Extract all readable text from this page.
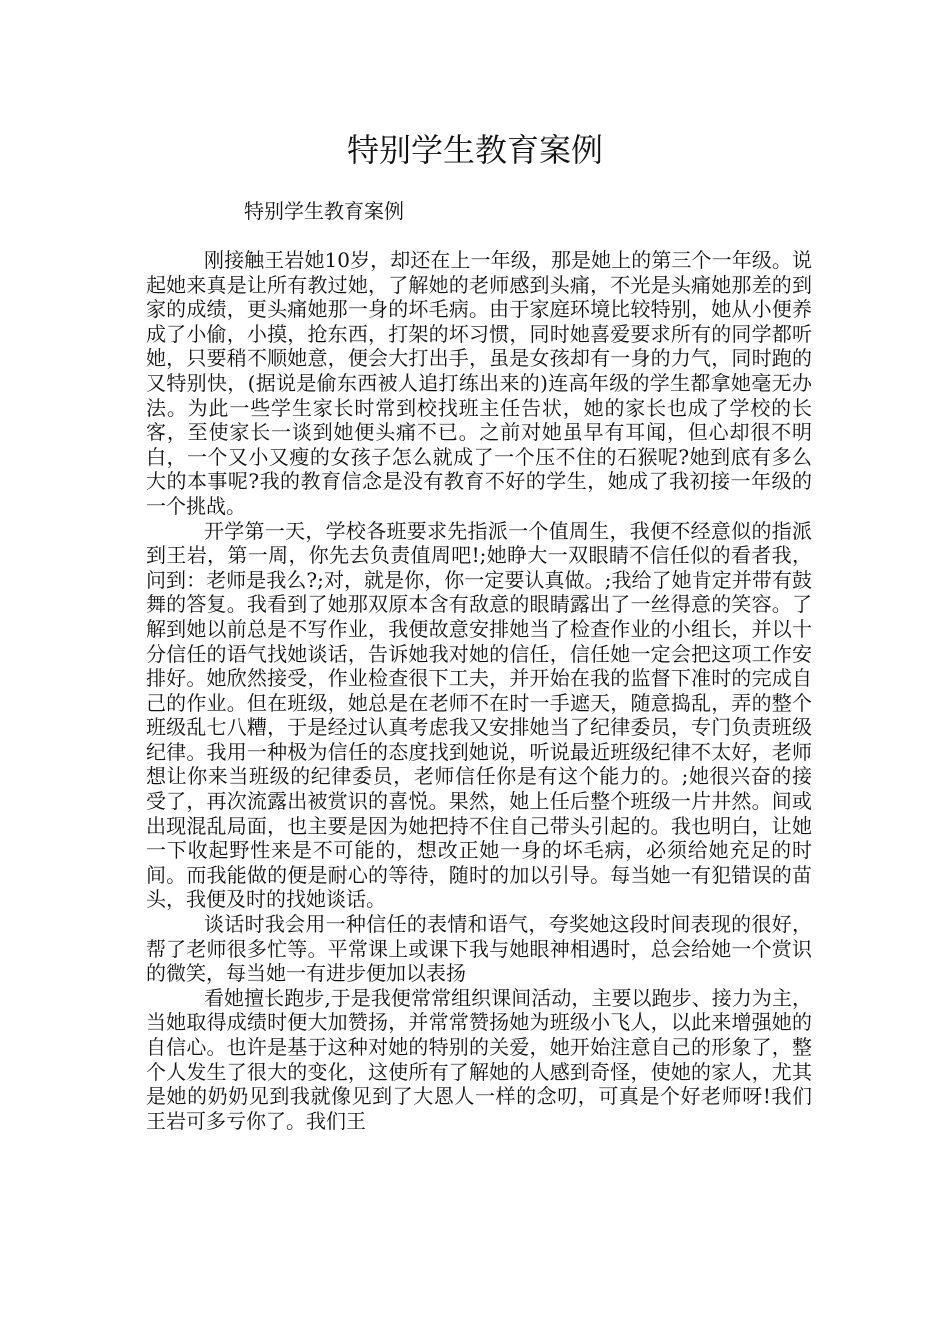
特别学生教育案例
特别学生教育案例

刚接触王岩她10岁，却还在上一年级，那是她上的第三个一年级。说起她来真是让所有教过她，了解她的老师感到头痛，不光是头痛她那差的到家的成绩，更头痛她那一身的坏毛病。由于家庭环境比较特别，她从小便养成了小偷，小摸，抢东西，打架的坏习惯，同时她喜爱要求所有的同学都听她，只要稍不顺她意，便会大打出手，虽是女孩却有一身的力气，同时跑的又特别快，(据说是偷东西被人追打练出来的)连高年级的学生都拿她毫无办法。为此一些学生家长时常到校找班主任告状，她的家长也成了学校的长客，至使家长一谈到她便头痛不已。之前对她虽早有耳闻，但心却很不明白，一个又小又瘦的女孩子怎么就成了一个压不住的石猴呢?她到底有多么大的本事呢?我的教育信念是没有教育不好的学生，她成了我初接一年级的一个挑战。

开学第一天，学校各班要求先指派一个值周生，我便不经意似的指派到王岩，第一周，你先去负责值周吧!;她睁大一双眼睛不信任似的看者我，问到：老师是我么?;对，就是你，你一定要认真做。;我给了她肯定并带有鼓舞的答复。我看到了她那双原本含有敌意的眼睛露出了一丝得意的笑容。了解到她以前总是不写作业，我便故意安排她当了检查作业的小组长，并以十分信任的语气找她谈话，告诉她我对她的信任，信任她一定会把这项工作安排好。她欣然接受，作业检查很下工夫，并开始在我的监督下准时的完成自己的作业。但在班级，她总是在老师不在时一手遮天，随意捣乱，弄的整个班级乱七八糟，于是经过认真考虑我又安排她当了纪律委员，专门负责班级纪律。我用一种极为信任的态度找到她说，听说最近班级纪律不太好，老师想让你来当班级的纪律委员，老师信任你是有这个能力的。;她很兴奋的接受了，再次流露出被赏识的喜悦。果然，她上任后整个班级一片井然。间或出现混乱局面，也主要是因为她把持不住自己带头引起的。我也明白，让她一下收起野性来是不可能的，想改正她一身的坏毛病，必须给她充足的时间。而我能做的便是耐心的等待，随时的加以引导。每当她一有犯错误的苗头，我便及时的找她谈话。

谈话时我会用一种信任的表情和语气，夸奖她这段时间表现的很好，帮了老师很多忙等。平常课上或课下我与她眼神相遇时，总会给她一个赏识的微笑，每当她一有进步便加以表扬

看她擅长跑步,于是我便常常组织课间活动，主要以跑步、接力为主，当她取得成绩时便大加赞扬，并常常赞扬她为班级小飞人，以此来增强她的自信心。也许是基于这种对她的特别的关爱，她开始注意自己的形象了，整个人发生了很大的变化，这使所有了解她的人感到奇怪，使她的家人，尤其是她的奶奶见到我就像见到了大恩人一样的念叨，可真是个好老师呀!我们王岩可多亏你了。我们王
